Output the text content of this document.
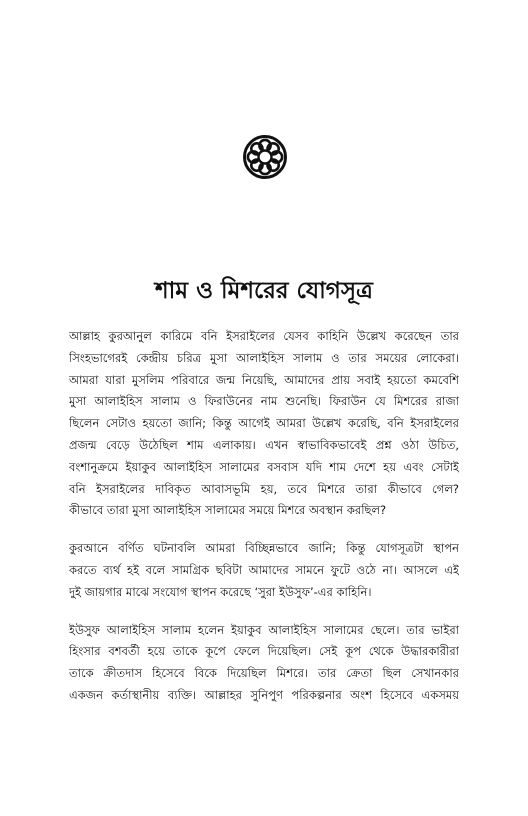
শাম ও মিশরের যোগসূত্র
আল্লাহ কুরআনুল কারিমে বনি ইসরাইলের যেসব কাহিনি উল্লেখ করেছেন তার
সিংহভাগেরই কেন্দ্রীয় চরিত্র মুসা আলাইহিস সালাম ও তার সময়ের লোকেরা।
আমরা যারা মুসলিম পরিবারে জন্ম নিয়েছি, আমাদের প্রায় সবাই হয়তো কমবেশি
মুসা আলাইহিস সালাম ও ফিরাউনের নাম শুনেছি। ফিরাউন যে মিশরের রাজা
ছিলেন সেটাও হয়তো জানি; কিন্তু আগেই আমরা উল্লেখ করেছি, বনি ইসরাইলের
প্রজন্ম বেড়ে উঠেছিল শাম এলাকায়। এখন স্বাভাবিকভাবেই প্রশ্ন ওঠা উচিত,
বংশানুক্রমে ইয়াকুব আলাইহিস সালামের বসবাস যদি শাম দেশে হয় এবং সেটাই
বনি ইসরাইলের দাবিকৃত আবাসভূমি হয়, তবে মিশরে তারা কীভাবে গেল?
কীভাবে তারা মুসা আলাইহিস সালামের সময়ে মিশরে অবস্থান করছিল?
কুরআনে বর্ণিত ঘটনাবলি আমরা বিচ্ছিন্নভাবে জানি; কিন্তু যোগসূত্রটা স্থাপন
করতে ব্যর্থ হই বলে সামগ্রিক ছবিটা আমাদের সামনে ফুটে ওঠে না। আসলে এই
দুই জায়গার মাঝে সংযোগ স্থাপন করেছে ‘সুরা ইউসুফ’-এর কাহিনি।
ইউসুফ আলাইহিস সালাম হলেন ইয়াকুব আলাইহিস সালামের ছেলে। তার ভাইরা
হিংসার বশবর্তী হয়ে তাকে কূপে ফেলে দিয়েছিল। সেই কূপ থেকে উদ্ধারকারীরা
তাকে ক্রীতদাস হিসেবে বিকে দিয়েছিল মিশরে। তার ক্রেতা ছিল সেখানকার
একজন কর্তাস্থানীয় ব্যক্তি। আল্লাহর সুনিপুণ পরিকল্পনার অংশ হিসেবে একসময়
